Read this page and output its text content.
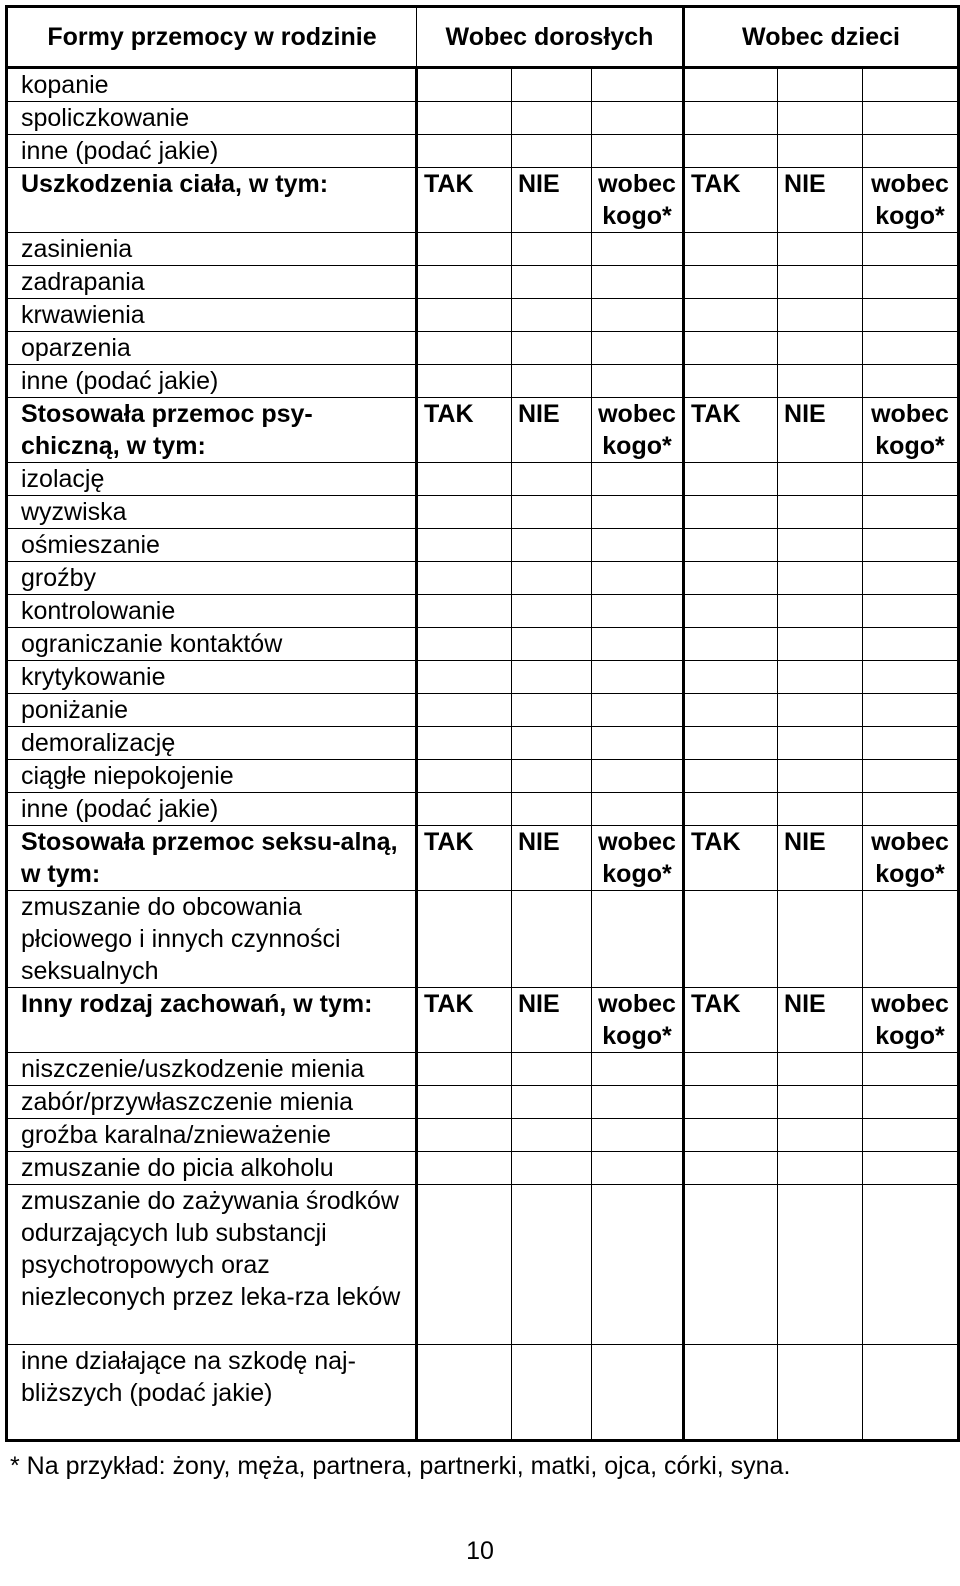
Formy przemocy w rodzinie	Wobec dorosłych			Wobec dzieci		
kopanie						
spoliczkowanie						
inne (podać jakie)						
Uszkodzenia ciała, w tym:	TAK	NIE	wobec kogo*	TAK	NIE	wobec kogo*
zasinienia						
zadrapania						
krwawienia						
oparzenia						
inne (podać jakie)						
Stosowała przemoc psy-chiczną, w tym:	TAK	NIE	wobec kogo*	TAK	NIE	wobec kogo*
izolację						
wyzwiska						
ośmieszanie						
groźby						
kontrolowanie						
ograniczanie kontaktów						
krytykowanie						
poniżanie						
demoralizację						
ciągłe niepokojenie						
inne (podać jakie)						
Stosowała przemoc seksu-alną, w tym:	TAK	NIE	wobec kogo*	TAK	NIE	wobec kogo*
zmuszanie do obcowania płciowego i innych czynności seksualnych						
Inny rodzaj zachowań, w tym:	TAK	NIE	wobec kogo*	TAK	NIE	wobec kogo*
niszczenie/uszkodzenie mienia						
zabór/przywłaszczenie mienia						
groźba karalna/znieważenie						
zmuszanie do picia alkoholu						
zmuszanie do zażywania środków odurzających lub substancji psychotropowych oraz niezleconych przez leka-rza leków						
inne działające na szkodę naj-bliższych (podać jakie)						
* Na przykład: żony, męża, partnera, partnerki, matki, ojca, córki, syna.
10
